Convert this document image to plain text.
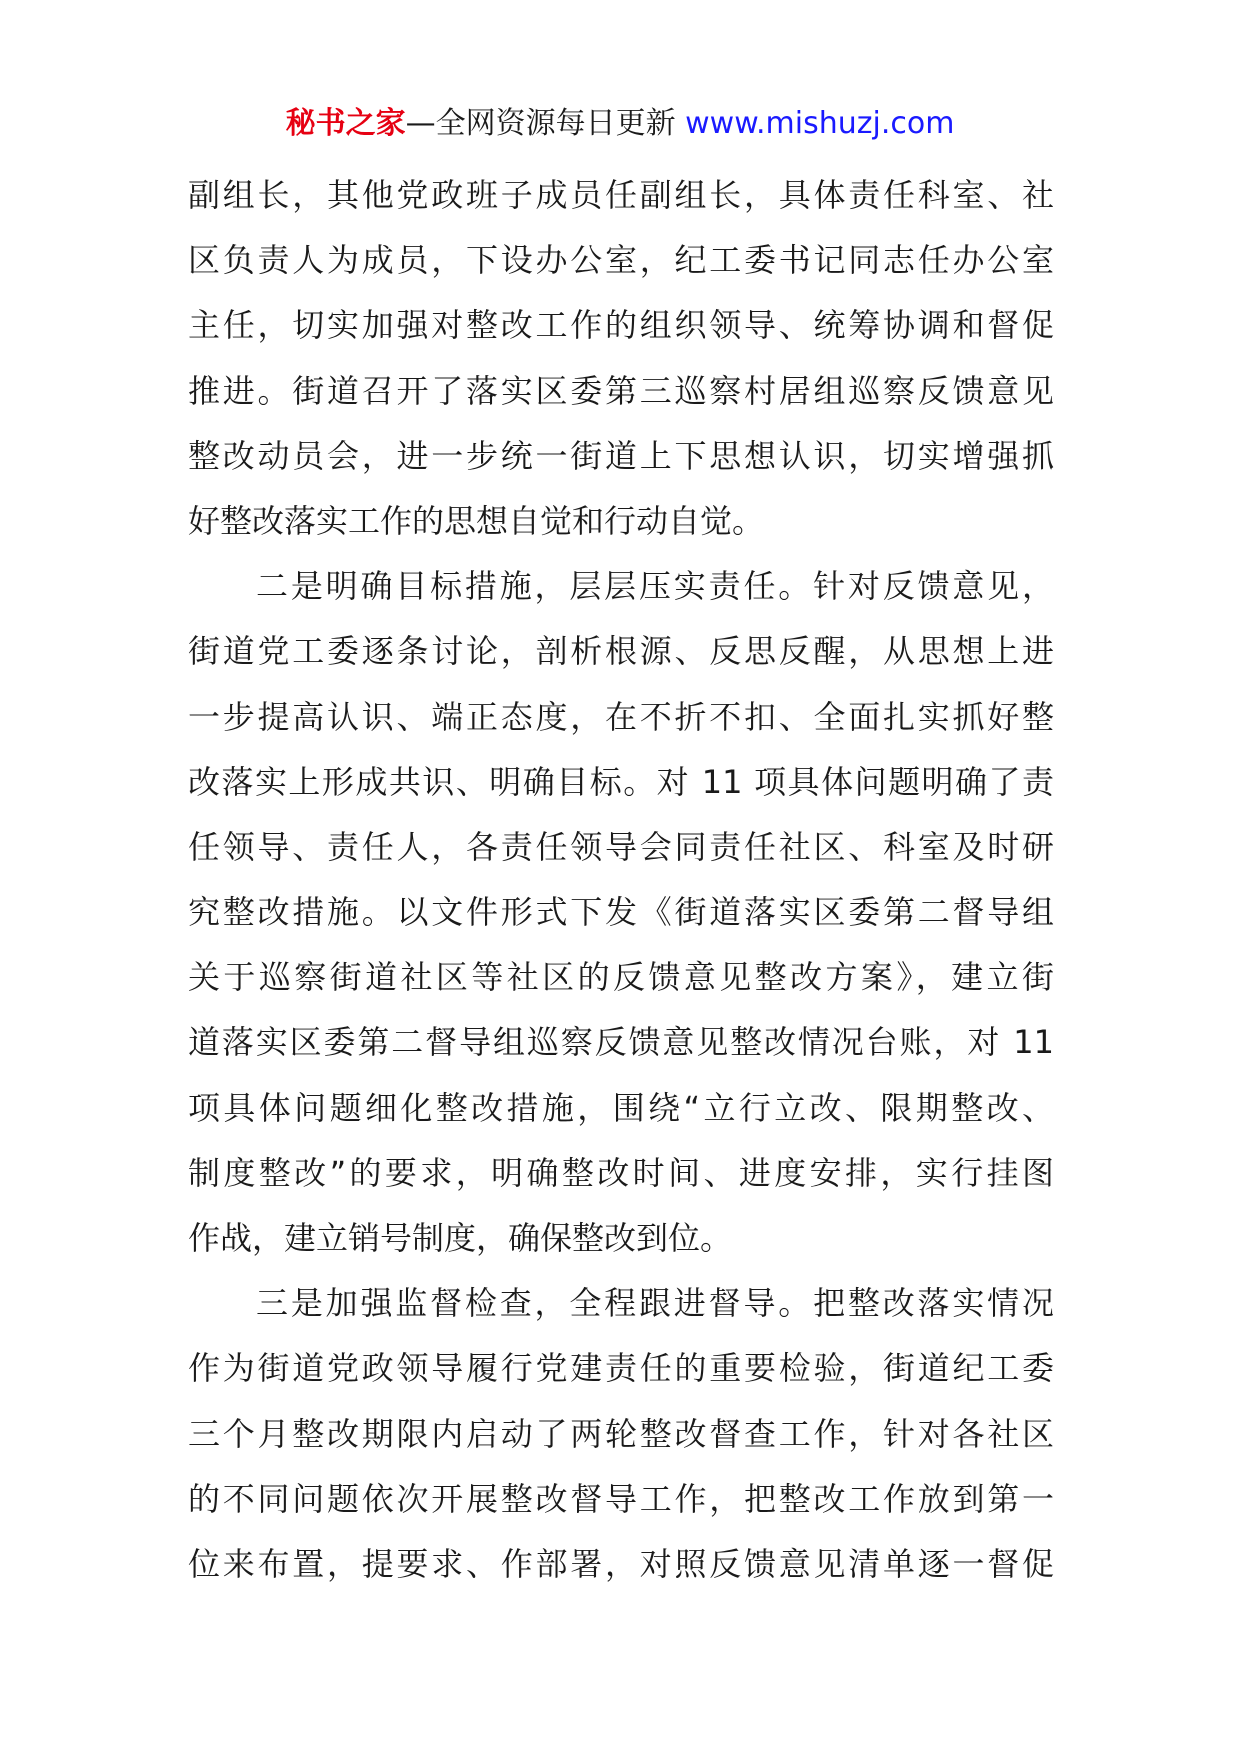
秘书之家—全网资源每日更新 www.mishuzj.com
副组长，其他党政班子成员任副组长，具体责任科室、社
区负责人为成员，下设办公室，纪工委书记同志任办公室
主任，切实加强对整改工作的组织领导、统筹协调和督促
推进。街道召开了落实区委第三巡察村居组巡察反馈意见
整改动员会，进一步统一街道上下思想认识，切实增强抓
好整改落实工作的思想自觉和行动自觉。
二是明确目标措施，层层压实责任。针对反馈意见，
街道党工委逐条讨论，剖析根源、反思反醒，从思想上进
一步提高认识、端正态度，在不折不扣、全面扎实抓好整
改落实上形成共识、明确目标。对 11 项具体问题明确了责
任领导、责任人，各责任领导会同责任社区、科室及时研
究整改措施。以文件形式下发《街道落实区委第二督导组
关于巡察街道社区等社区的反馈意见整改方案》，建立街
道落实区委第二督导组巡察反馈意见整改情况台账，对 11
项具体问题细化整改措施，围绕“立行立改、限期整改、
制度整改”的要求，明确整改时间、进度安排，实行挂图
作战，建立销号制度，确保整改到位。
三是加强监督检查，全程跟进督导。把整改落实情况
作为街道党政领导履行党建责任的重要检验，街道纪工委
三个月整改期限内启动了两轮整改督查工作，针对各社区
的不同问题依次开展整改督导工作，把整改工作放到第一
位来布置，提要求、作部署，对照反馈意见清单逐一督促
